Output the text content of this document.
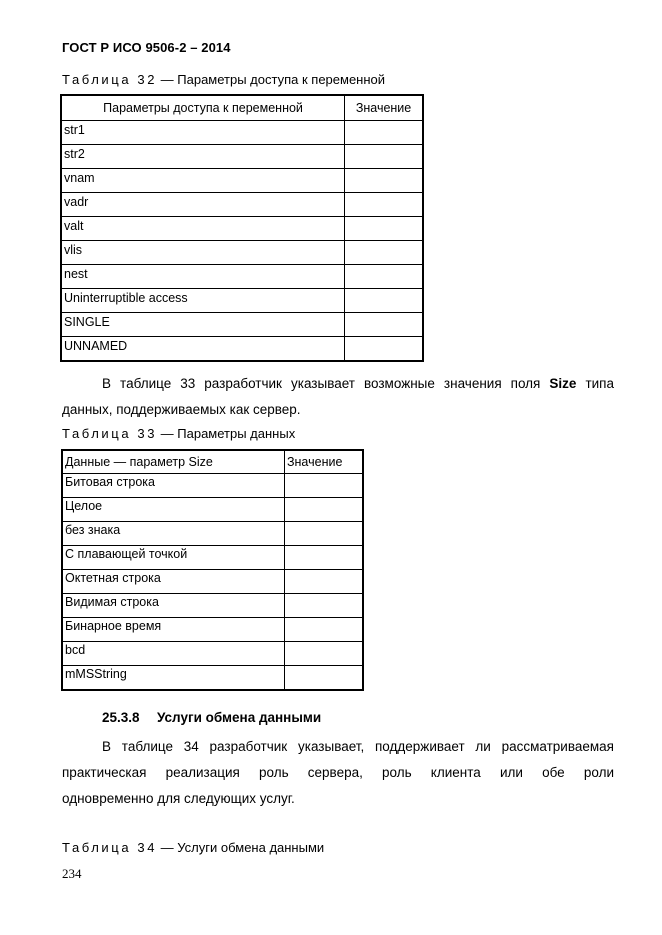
ГОСТ Р ИСО 9506-2 – 2014
Таблица 32 — Параметры доступа к переменной
Параметры доступа к переменной	Значение
str1	
str2	
vnam	
vadr	
valt	
vlis	
nest	
Uninterruptible access	
SINGLE	
UNNAMED	
В таблице 33 разработчик указывает возможные значения поля Size типа
данных, поддерживаемых как сервер.
Таблица 33 — Параметры данных
Данные — параметр Size	Значение
Битовая строка	
Целое	
без знака	
С плавающей точкой	
Октетная строка	
Видимая строка	
Бинарное время	
bcd	
mMSString	
25.3.8 Услуги обмена данными
В таблице 34 разработчик указывает, поддерживает ли рассматриваемая
практическая реализация роль сервера, роль клиента или обе роли
одновременно для следующих услуг.
Таблица 34 — Услуги обмена данными
234
